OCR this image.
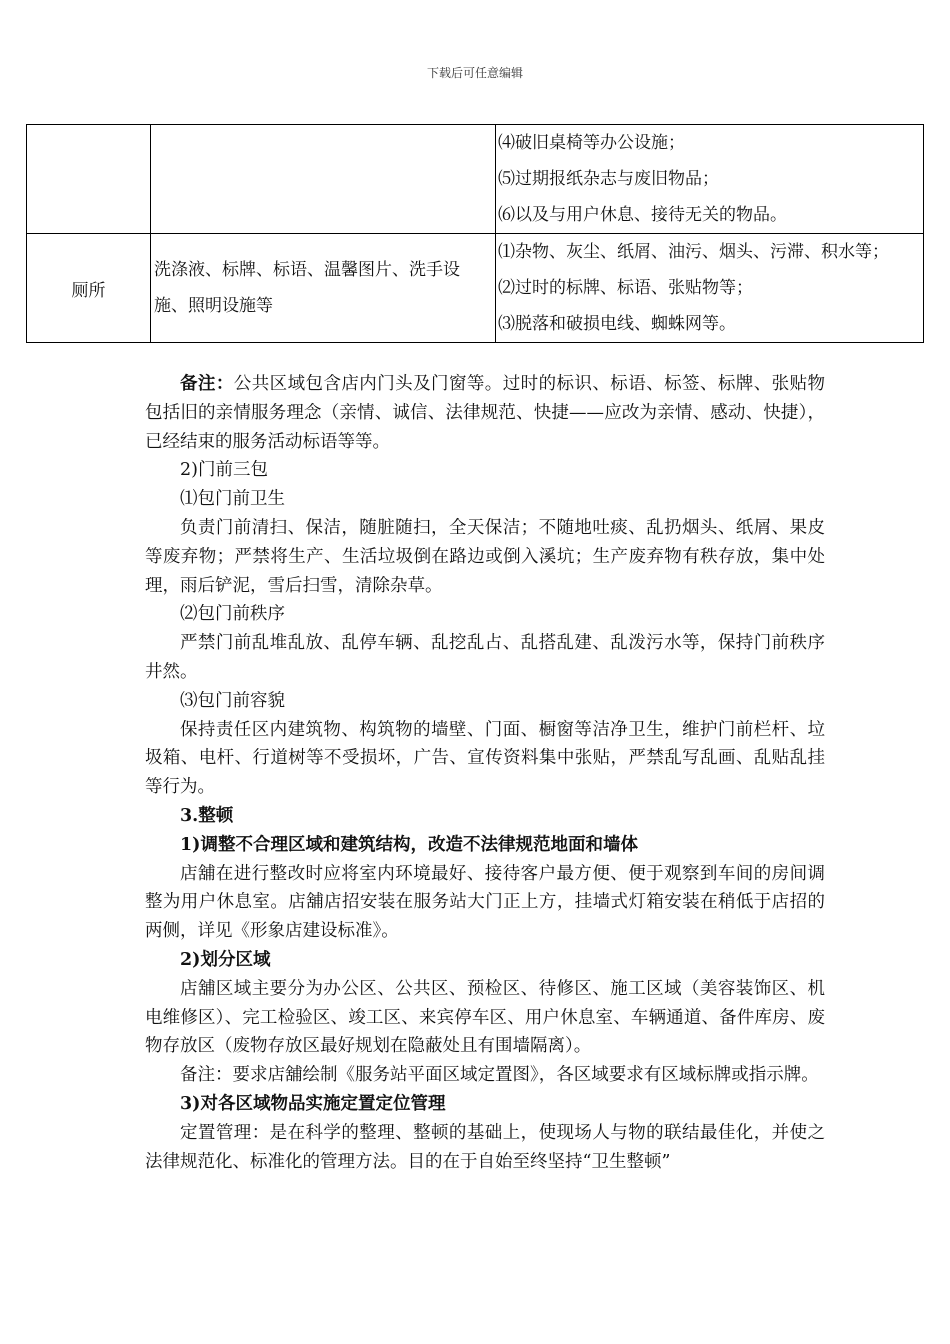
下载后可任意编辑

		⑷破旧桌椅等办公设施；
⑸过期报纸杂志与废旧物品；
⑹以及与用户休息、接待无关的物品。

厕所	洗涤液、标牌、标语、温馨图片、洗手设施、照明设施等	⑴杂物、灰尘、纸屑、油污、烟头、污滞、积水等；
⑵过时的标牌、标语、张贴物等；
⑶脱落和破损电线、蜘蛛网等。

备注：公共区域包含店内门头及门窗等。过时的标识、标语、标签、标牌、张贴物包括旧的亲情服务理念（亲情、诚信、法律规范、快捷——应改为亲情、感动、快捷），已经结束的服务活动标语等等。

2)门前三包

⑴包门前卫生

负责门前清扫、保洁，随脏随扫，全天保洁；不随地吐痰、乱扔烟头、纸屑、果皮等废弃物；严禁将生产、生活垃圾倒在路边或倒入溪坑；生产废弃物有秩存放，集中处理，雨后铲泥，雪后扫雪，清除杂草。

⑵包门前秩序

严禁门前乱堆乱放、乱停车辆、乱挖乱占、乱搭乱建、乱泼污水等，保持门前秩序井然。

⑶包门前容貌

保持责任区内建筑物、构筑物的墙壁、门面、橱窗等洁净卫生，维护门前栏杆、垃圾箱、电杆、行道树等不受损坏，广告、宣传资料集中张贴，严禁乱写乱画、乱贴乱挂等行为。

3.整顿

1)调整不合理区域和建筑结构，改造不法律规范地面和墙体

店舖在进行整改时应将室内环境最好、接待客户最方便、便于观察到车间的房间调整为用户休息室。店舖店招安装在服务站大门正上方，挂墙式灯箱安装在稍低于店招的两侧，详见《形象店建设标准》。

2)划分区域

店舖区域主要分为办公区、公共区、预检区、待修区、施工区域（美容装饰区、机电维修区）、完工检验区、竣工区、来宾停车区、用户休息室、车辆通道、备件库房、废物存放区（废物存放区最好规划在隐蔽处且有围墙隔离）。

备注：要求店舖绘制《服务站平面区域定置图》，各区域要求有区域标牌或指示牌。

3)对各区域物品实施定置定位管理

定置管理：是在科学的整理、整顿的基础上，使现场人与物的联结最佳化，并使之法律规范化、标准化的管理方法。目的在于自始至终坚持“卫生整顿”
